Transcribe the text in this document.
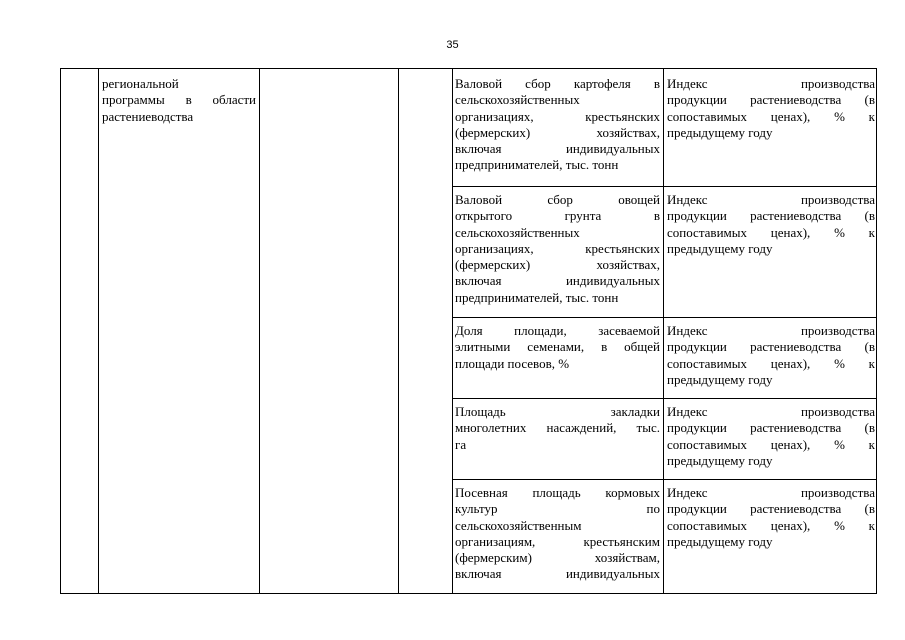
35
региональной
программы в области
растениеводства
Валовой сбор картофеля в
сельскохозяйственных
организациях, крестьянских
(фермерских) хозяйствах,
включая индивидуальных
предпринимателей, тыс. тонн
Индекс производства
продукции растениеводства (в
сопоставимых ценах), % к
предыдущему году
Валовой сбор овощей
открытого грунта в
сельскохозяйственных
организациях, крестьянских
(фермерских) хозяйствах,
включая индивидуальных
предпринимателей, тыс. тонн
Индекс производства
продукции растениеводства (в
сопоставимых ценах), % к
предыдущему году
Доля площади, засеваемой
элитными семенами, в общей
площади посевов, %
Индекс производства
продукции растениеводства (в
сопоставимых ценах), % к
предыдущему году
Площадь закладки
многолетних насаждений, тыс.
га
Индекс производства
продукции растениеводства (в
сопоставимых ценах), % к
предыдущему году
Посевная площадь кормовых
культур по
сельскохозяйственным
организациям, крестьянским
(фермерским) хозяйствам,
включая индивидуальных
Индекс производства
продукции растениеводства (в
сопоставимых ценах), % к
предыдущему году
